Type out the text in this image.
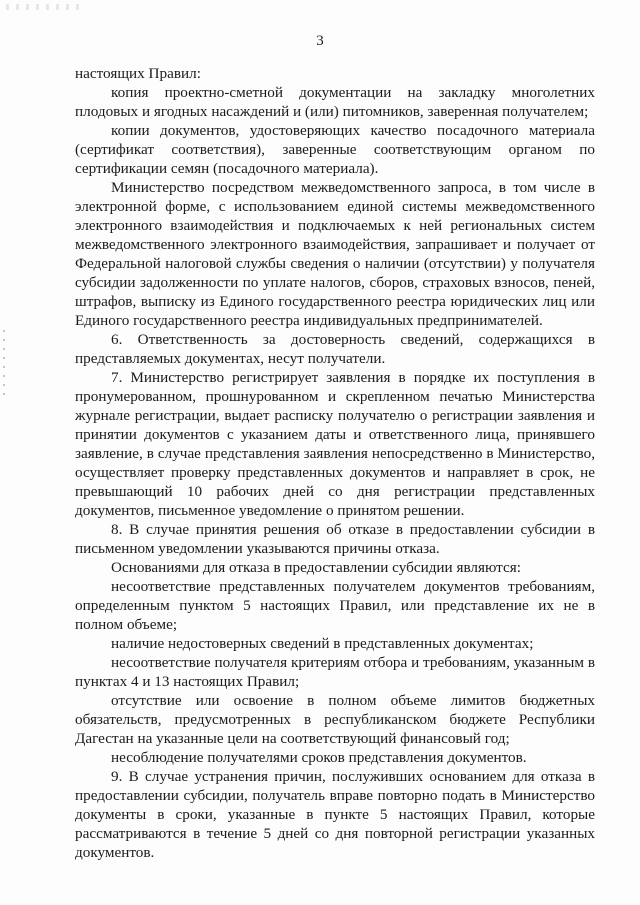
3

настоящих Правил:

копия проектно-сметной документации на закладку многолетних плодовых и ягодных насаждений и (или) питомников, заверенная получателем;

копии документов, удостоверяющих качество посадочного материала (сертификат соответствия), заверенные соответствующим органом по сертификации семян (посадочного материала).

Министерство посредством межведомственного запроса, в том числе в электронной форме, с использованием единой системы межведомственного электронного взаимодействия и подключаемых к ней региональных систем межведомственного электронного взаимодействия, запрашивает и получает от Федеральной налоговой службы сведения о наличии (отсутствии) у получателя субсидии задолженности по уплате налогов, сборов, страховых взносов, пеней, штрафов, выписку из Единого государственного реестра юридических лиц или Единого государственного реестра индивидуальных предпринимателей.

6. Ответственность за достоверность сведений, содержащихся в представляемых документах, несут получатели.

7. Министерство регистрирует заявления в порядке их поступления в пронумерованном, прошнурованном и скрепленном печатью Министерства журнале регистрации, выдает расписку получателю о регистрации заявления и принятии документов с указанием даты и ответственного лица, принявшего заявление, в случае представления заявления непосредственно в Министерство, осуществляет проверку представленных документов и направляет в срок, не превышающий 10 рабочих дней со дня регистрации представленных документов, письменное уведомление о принятом решении.

8. В случае принятия решения об отказе в предоставлении субсидии в письменном уведомлении указываются причины отказа.

Основаниями для отказа в предоставлении субсидии являются:

несоответствие представленных получателем документов требованиям, определенным пунктом 5 настоящих Правил, или представление их не в полном объеме;

наличие недостоверных сведений в представленных документах;

несоответствие получателя критериям отбора и требованиям, указанным в пунктах 4 и 13 настоящих Правил;

отсутствие или освоение в полном объеме лимитов бюджетных обязательств, предусмотренных в республиканском бюджете Республики Дагестан на указанные цели на соответствующий финансовый год;

несоблюдение получателями сроков представления документов.

9. В случае устранения причин, послуживших основанием для отказа в предоставлении субсидии, получатель вправе повторно подать в Министерство документы в сроки, указанные в пункте 5 настоящих Правил, которые рассматриваются в течение 5 дней со дня повторной регистрации указанных документов.
